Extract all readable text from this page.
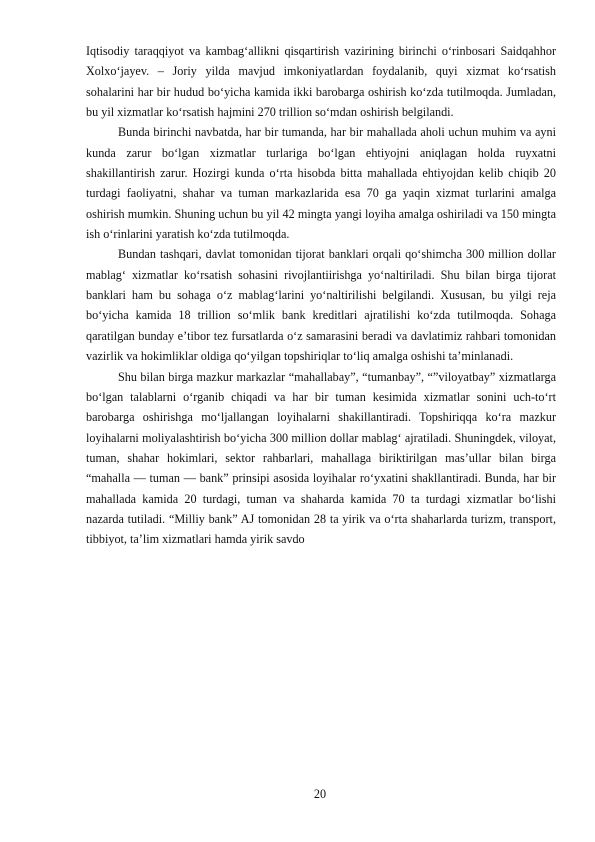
Iqtisodiy taraqqiyot va kambagʻallikni qisqartirish vazirining birinchi oʻrinbosari Saidqahhor Xolxoʻjayev. – Joriy yilda mavjud imkoniyatlardan foydalanib, quyi xizmat koʻrsatish sohalarini har bir hudud boʻyicha kamida ikki barobarga oshirish koʻzda tutilmoqda. Jumladan, bu yil xizmatlar koʻrsatish hajmini 270 trillion soʻmdan oshirish belgilandi.

Bunda birinchi navbatda, har bir tumanda, har bir mahallada aholi uchun muhim va ayni kunda zarur boʻlgan xizmatlar turlariga boʻlgan ehtiyojni aniqlagan holda ruyxatni shakillantirish zarur. Hozirgi kunda oʻrta hisobda bitta mahallada ehtiyojdan kelib chiqib 20 turdagi faoliyatni, shahar va tuman markazlarida esa 70 ga yaqin xizmat turlarini amalga oshirish mumkin. Shuning uchun bu yil 42 mingta yangi loyiha amalga oshiriladi va 150 mingta ish oʻrinlarini yaratish koʻzda tutilmoqda.

Bundan tashqari, davlat tomonidan tijorat banklari orqali qoʻshimcha 300 million dollar mablagʻ xizmatlar koʻrsatish sohasini rivojlantiirishga yoʻnaltiriladi. Shu bilan birga tijorat banklari ham bu sohaga oʻz mablagʻlarini yoʻnaltirilishi belgilandi. Xususan, bu yilgi reja boʻyicha kamida 18 trillion soʻmlik bank kreditlari ajratilishi koʻzda tutilmoqda. Sohaga qaratilgan bunday eʼtibor tez fursatlarda oʻz samarasini beradi va davlatimiz rahbari tomonidan vazirlik va hokimliklar oldiga qoʻyilgan topshiriqlar toʻliq amalga oshishi taʼminlanadi.

Shu bilan birga mazkur markazlar “mahallabay”, “tumanbay”, “”viloyatbay” xizmatlarga boʻlgan talablarni oʻrganib chiqadi va har bir tuman kesimida xizmatlar sonini uch-toʻrt barobarga oshirishga moʻljallangan loyihalarni shakillantiradi. Topshiriqqa koʻra mazkur loyihalarni moliyalashtirish boʻyicha 300 million dollar mablagʻ ajratiladi. Shuningdek, viloyat, tuman, shahar hokimlari, sektor rahbarlari, mahallaga biriktirilgan masʼullar bilan birga “mahalla — tuman — bank” prinsipi asosida loyihalar roʻyxatini shakllantiradi. Bunda, har bir mahallada kamida 20 turdagi, tuman va shaharda kamida 70 ta turdagi xizmatlar boʻlishi nazarda tutiladi. “Milliy bank” AJ tomonidan 28 ta yirik va oʻrta shaharlarda turizm, transport, tibbiyot, taʼlim xizmatlari hamda yirik savdo

20
